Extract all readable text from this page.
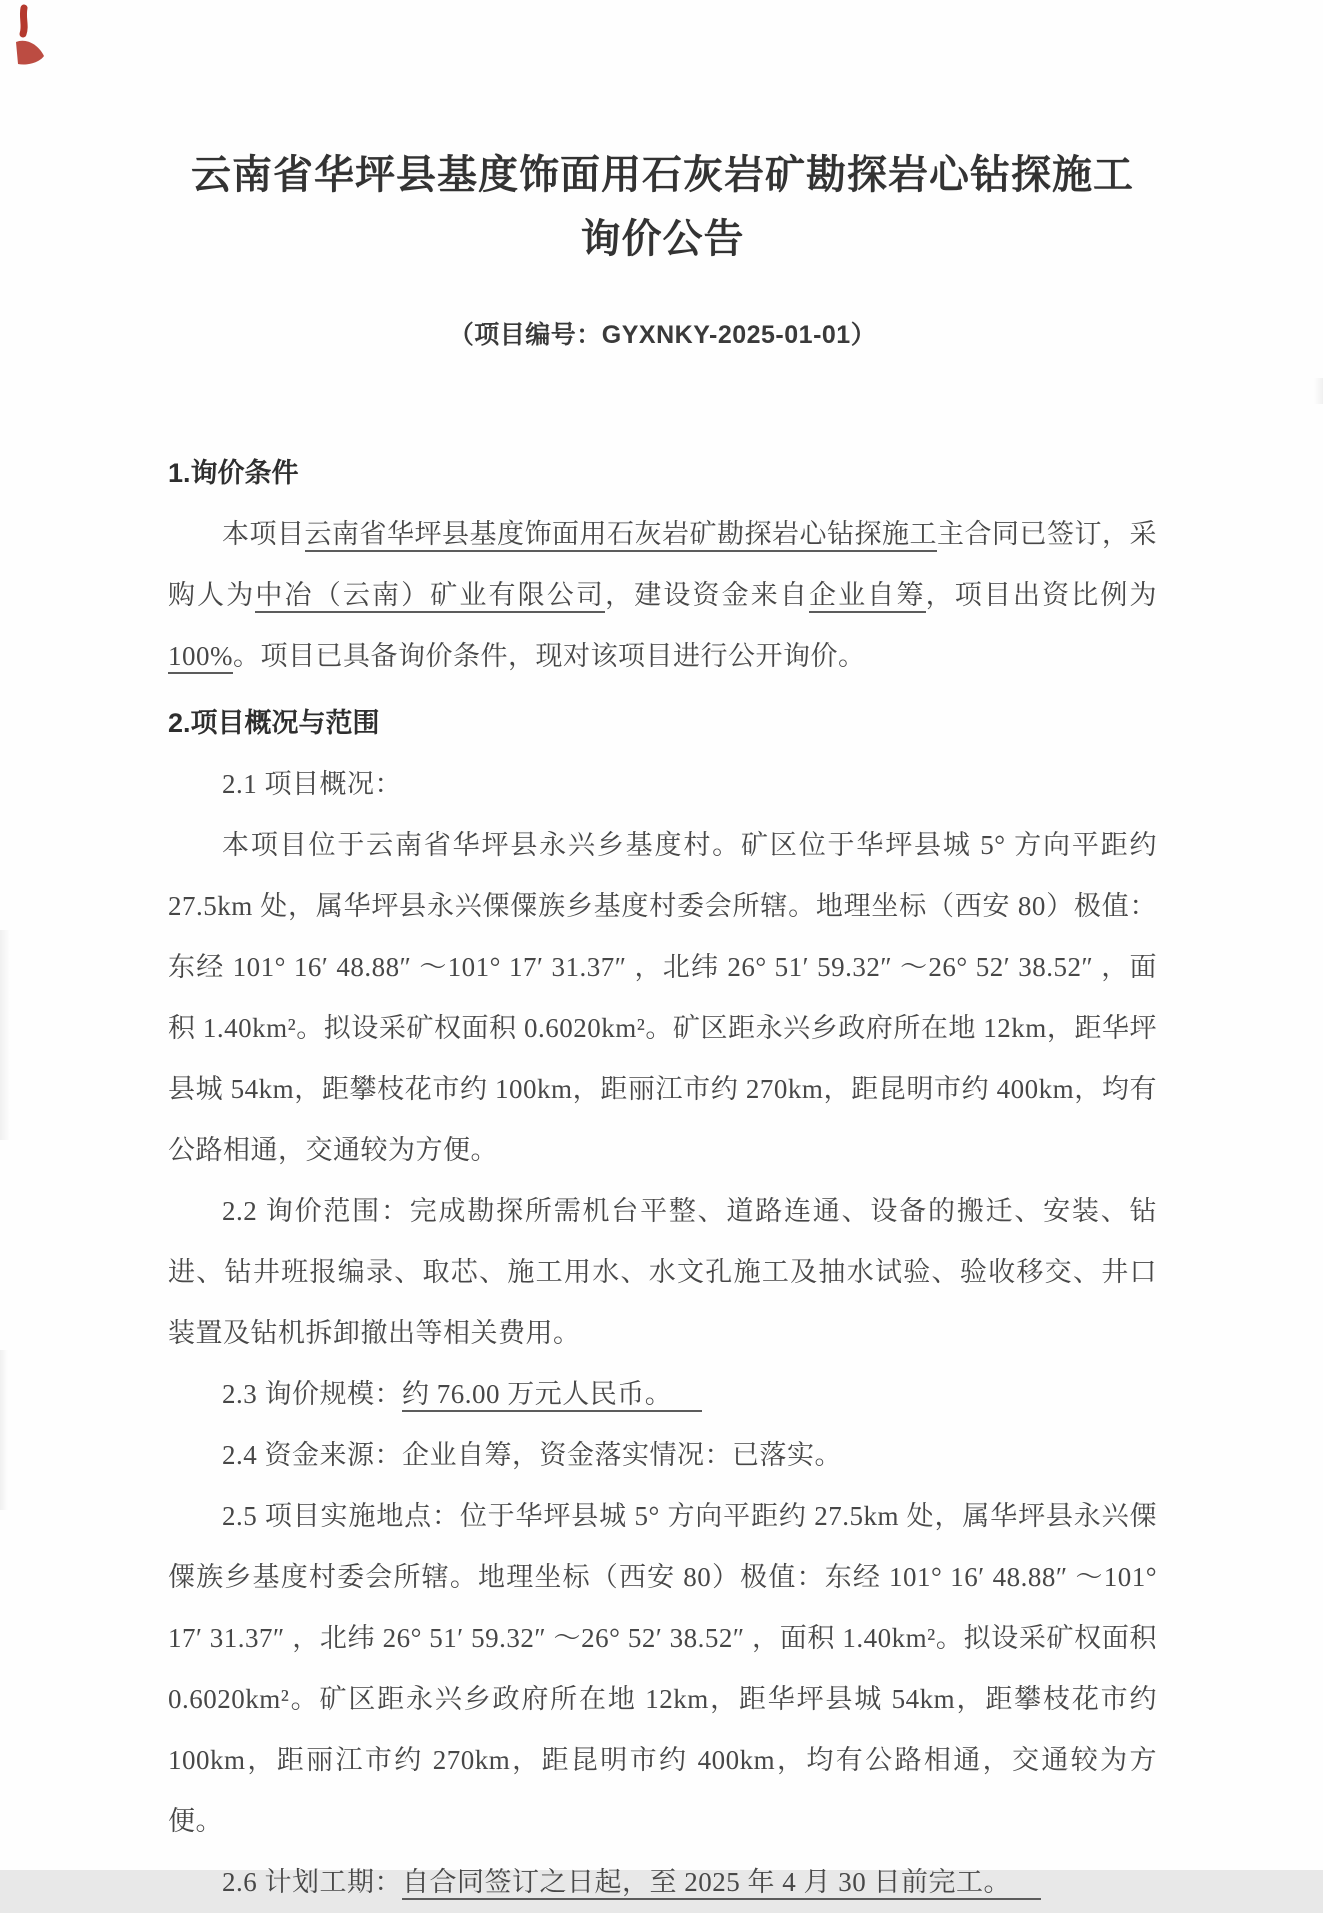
云南省华坪县基度饰面用石灰岩矿勘探岩心钻探施工
询价公告
（项目编号：GYXNKY-2025-01-01）
1.询价条件

本项目云南省华坪县基度饰面用石灰岩矿勘探岩心钻探施工主合同已签订，采购人为中冶（云南）矿业有限公司，建设资金来自企业自筹，项目出资比例为100%。项目已具备询价条件，现对该项目进行公开询价。

2.项目概况与范围

2.1 项目概况：

本项目位于云南省华坪县永兴乡基度村。矿区位于华坪县城 5° 方向平距约 27.5km 处，属华坪县永兴傈僳族乡基度村委会所辖。地理坐标（西安 80）极值：东经 101° 16′ 48.88″ ～101° 17′ 31.37″ ，北纬 26° 51′ 59.32″ ～26° 52′ 38.52″ ，面积 1.40km²。拟设采矿权面积 0.6020km²。矿区距永兴乡政府所在地 12km，距华坪县城 54km，距攀枝花市约 100km，距丽江市约 270km，距昆明市约 400km，均有公路相通，交通较为方便。

2.2 询价范围：完成勘探所需机台平整、道路连通、设备的搬迁、安装、钻进、钻井班报编录、取芯、施工用水、水文孔施工及抽水试验、验收移交、井口装置及钻机拆卸撤出等相关费用。

2.3 询价规模：约 76.00 万元人民币。

2.4 资金来源：企业自筹，资金落实情况：已落实。

2.5 项目实施地点：位于华坪县城 5° 方向平距约 27.5km 处，属华坪县永兴傈僳族乡基度村委会所辖。地理坐标（西安 80）极值：东经 101° 16′ 48.88″ ～101° 17′ 31.37″ ，北纬 26° 51′ 59.32″ ～26° 52′ 38.52″ ，面积 1.40km²。拟设采矿权面积 0.6020km²。矿区距永兴乡政府所在地 12km，距华坪县城 54km，距攀枝花市约 100km，距丽江市约 270km，距昆明市约 400km，均有公路相通，交通较为方便。

2.6 计划工期：自合同签订之日起，至 2025 年 4 月 30 日前完工。
